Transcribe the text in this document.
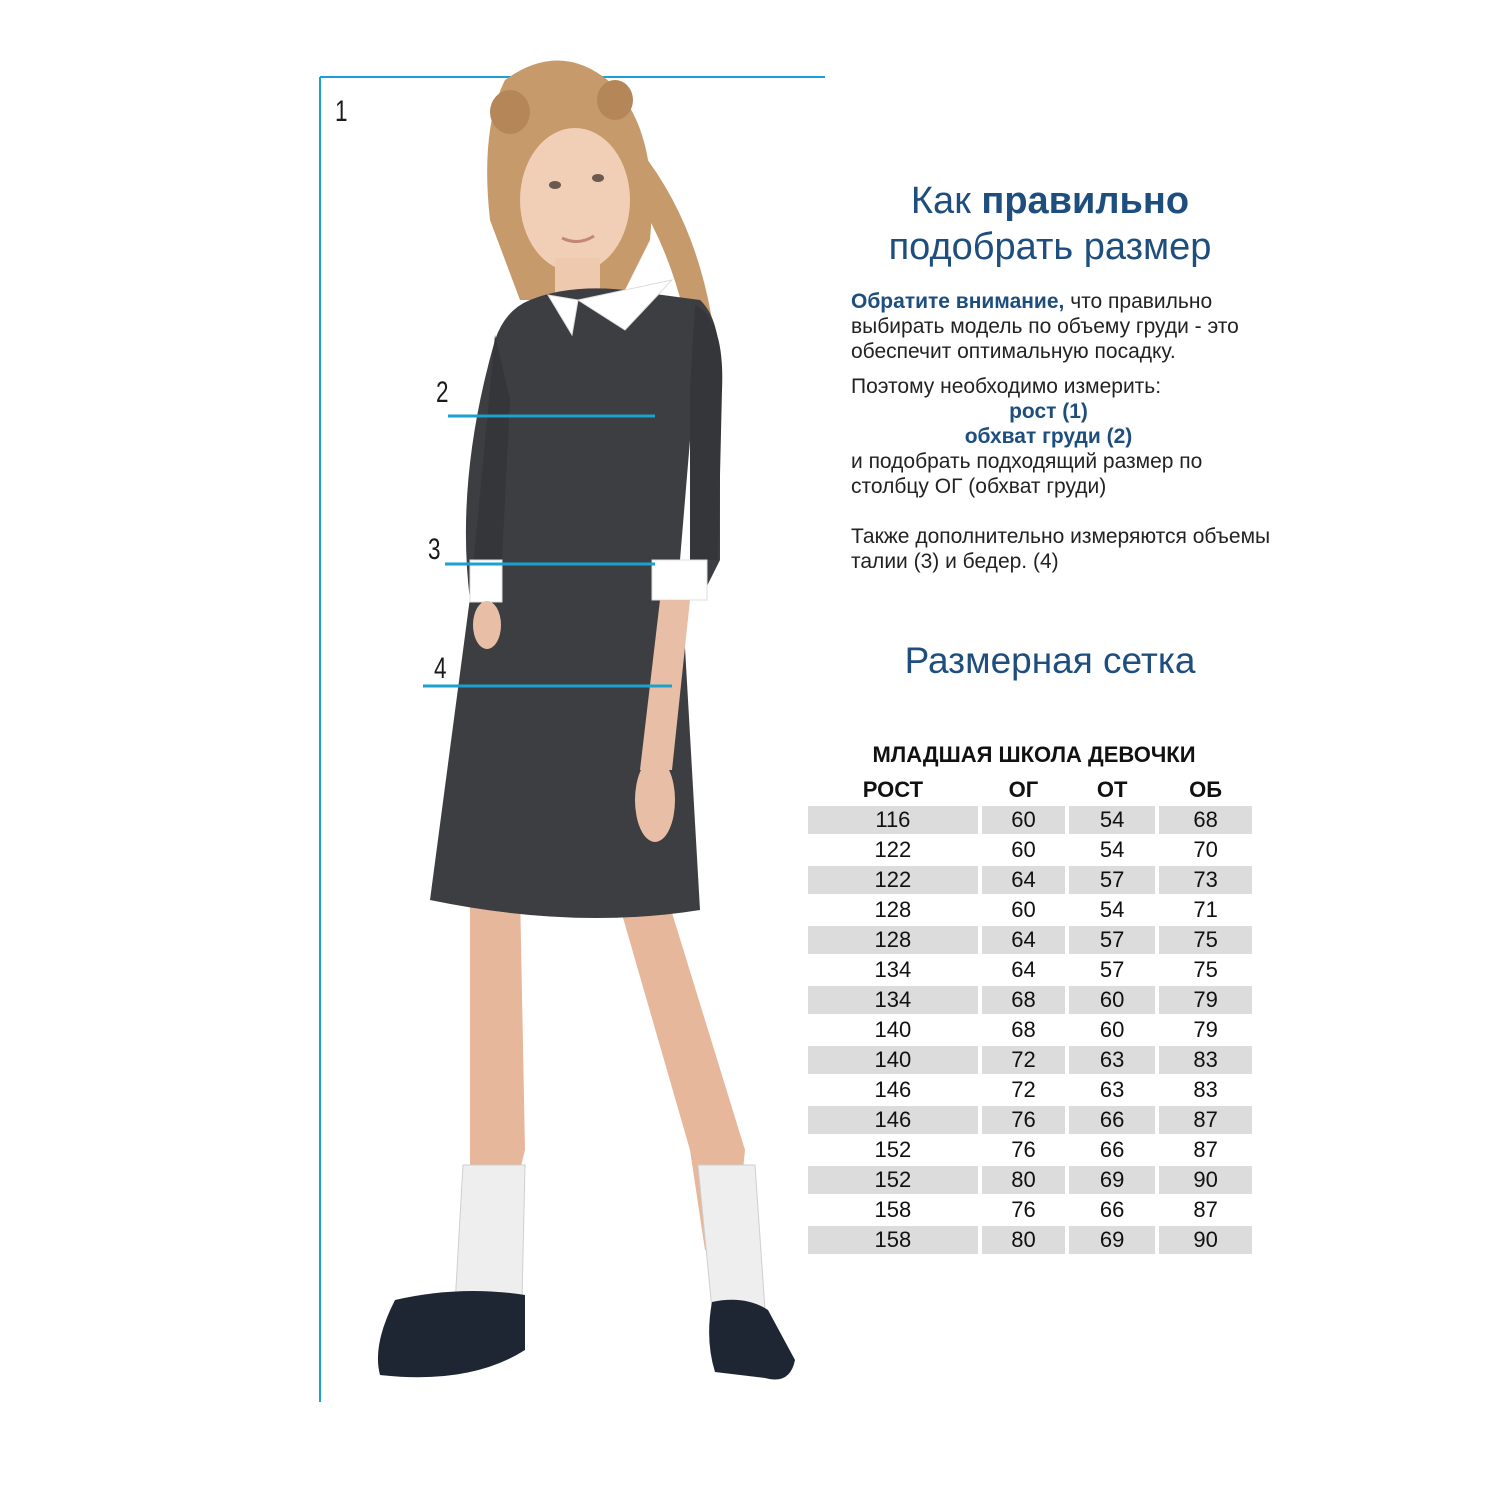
1
2
3
4
Как правильно
подобрать размер

Обратите внимание, что правильно выбирать модель по объему груди - это обеспечит оптимальную посадку.

Поэтому необходимо измерить:

рост (1)

обхват груди (2)

и подобрать подходящий размер по столбцу ОГ (обхват груди)

Также дополнительно измеряются объемы талии (3) и бедер. (4)

Размерная сетка
МЛАДШАЯ ШКОЛА ДЕВОЧКИ
РОСТ	ОГ	ОТ	ОБ
116	60	54	68
122	60	54	70
122	64	57	73
128	60	54	71
128	64	57	75
134	64	57	75
134	68	60	79
140	68	60	79
140	72	63	83
146	72	63	83
146	76	66	87
152	76	66	87
152	80	69	90
158	76	66	87
158	80	69	90
